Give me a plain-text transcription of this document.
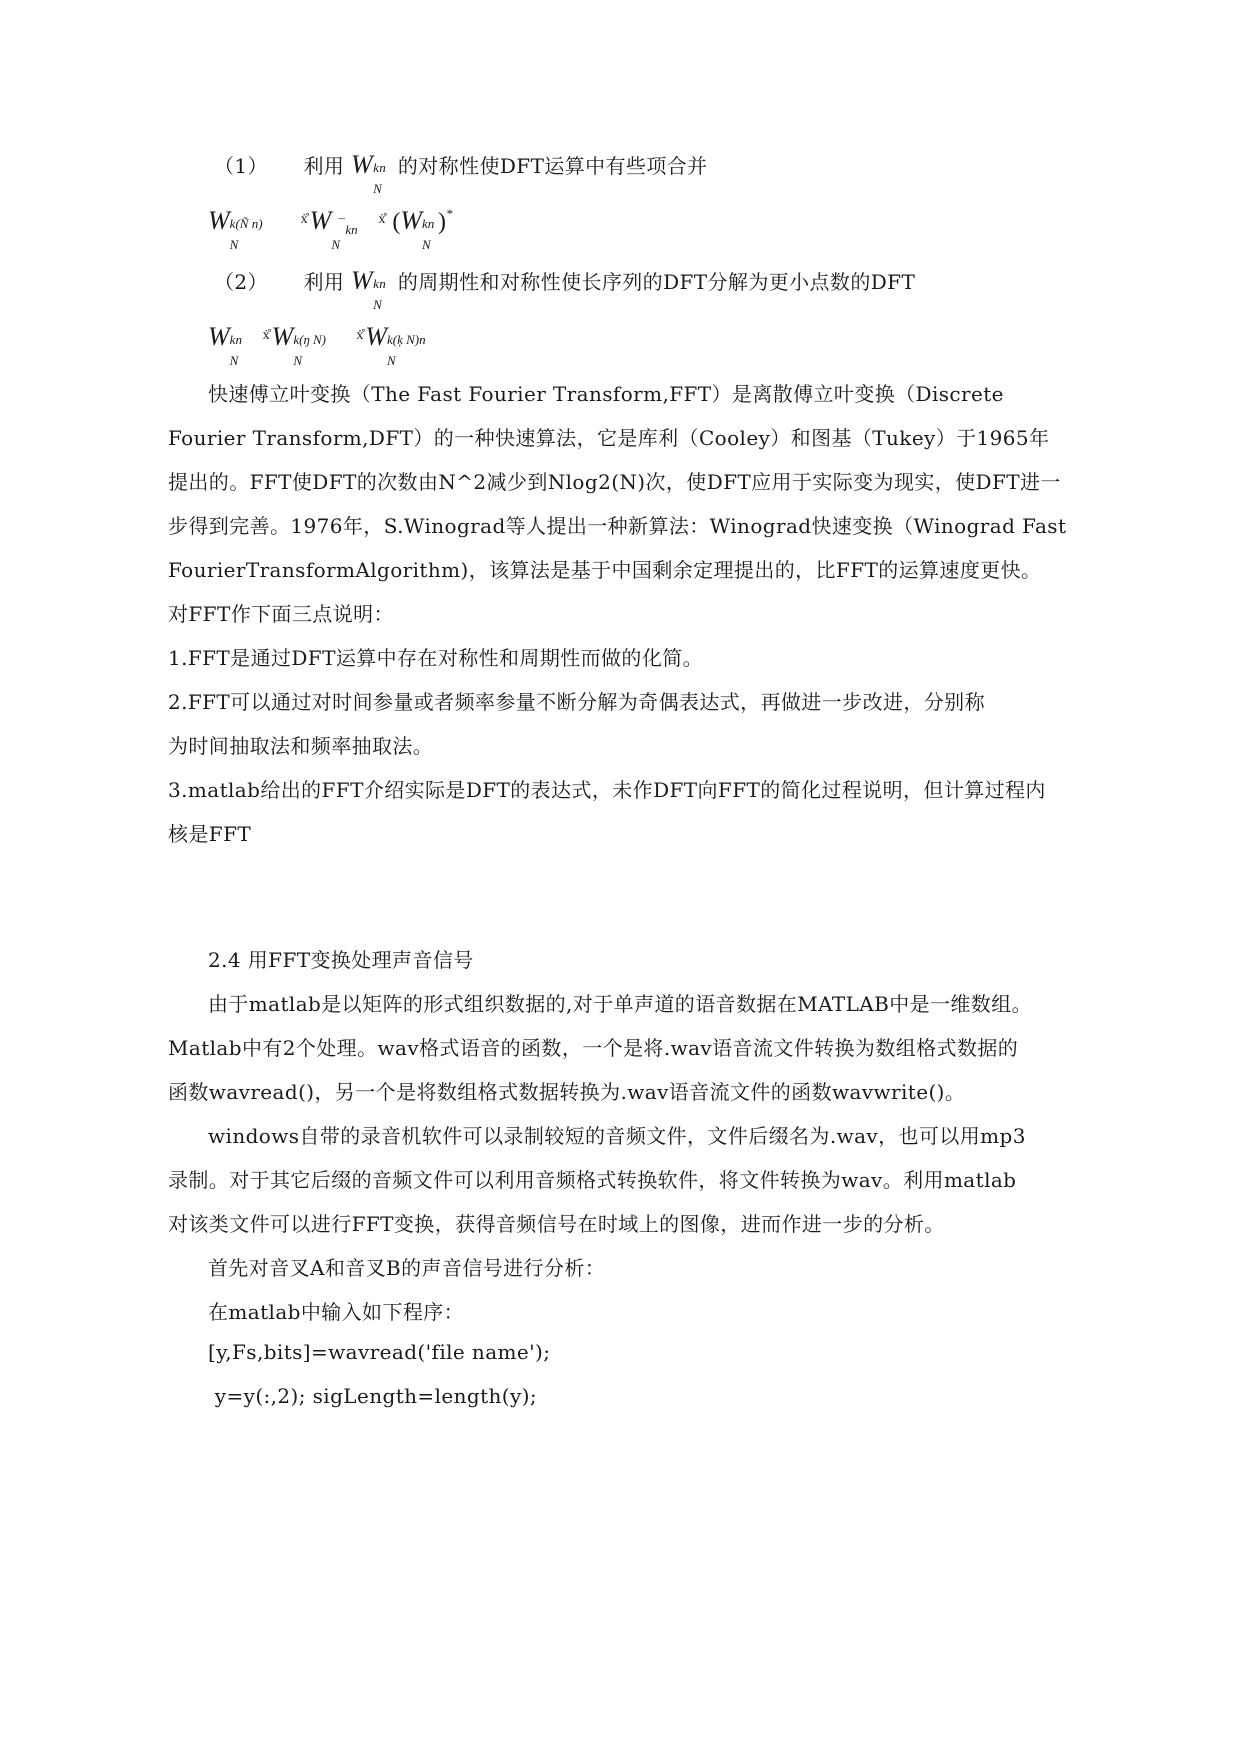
（1） 利用 W kn
N
的对称性使DFT运算中有些项合并
W k(Ñ n)
N
$^{ẋ̊}$W ¯
N
kn
$^{ẋ̊}$ (W kn
N
)*
（2） 利用 W kn
N
的周期性和对称性使长序列的DFT分解为更小点数的DFT
W kn
N
$^{ẋ̊}$W k(ŋ N)
N
$^{ẋ̊}$W k(ķ N)n
N
快速傅立叶变换（The Fast Fourier Transform,FFT）是离散傅立叶变换（Discrete
Fourier Transform,DFT）的一种快速算法，它是库利（Cooley）和图基（Tukey）于1965年
提出的。FFT使DFT的次数由N^2减少到Nlog2(N)次，使DFT应用于实际变为现实，使DFT进一
步得到完善。1976年，S.Winograd等人提出一种新算法：Winograd快速变换（Winograd Fast
FourierTransformAlgorithm)，该算法是基于中国剩余定理提出的，比FFT的运算速度更快。
对FFT作下面三点说明：
1.FFT是通过DFT运算中存在对称性和周期性而做的化简。
2.FFT可以通过对时间参量或者频率参量不断分解为奇偶表达式，再做进一步改进，分别称
为时间抽取法和频率抽取法。
3.matlab给出的FFT介绍实际是DFT的表达式，未作DFT向FFT的简化过程说明，但计算过程内
核是FFT
2.4 用FFT变换处理声音信号
由于matlab是以矩阵的形式组织数据的,对于单声道的语音数据在MATLAB中是一维数组。
Matlab中有2个处理。wav格式语音的函数，一个是将.wav语音流文件转换为数组格式数据的
函数wavread()，另一个是将数组格式数据转换为.wav语音流文件的函数wavwrite()。
windows自带的录音机软件可以录制较短的音频文件，文件后缀名为.wav，也可以用mp3
录制。对于其它后缀的音频文件可以利用音频格式转换软件，将文件转换为wav。利用matlab
对该类文件可以进行FFT变换，获得音频信号在时域上的图像，进而作进一步的分析。
首先对音叉A和音叉B的声音信号进行分析：
在matlab中输入如下程序：
[y,Fs,bits]=wavread('file name');
y=y(:,2); sigLength=length(y);
